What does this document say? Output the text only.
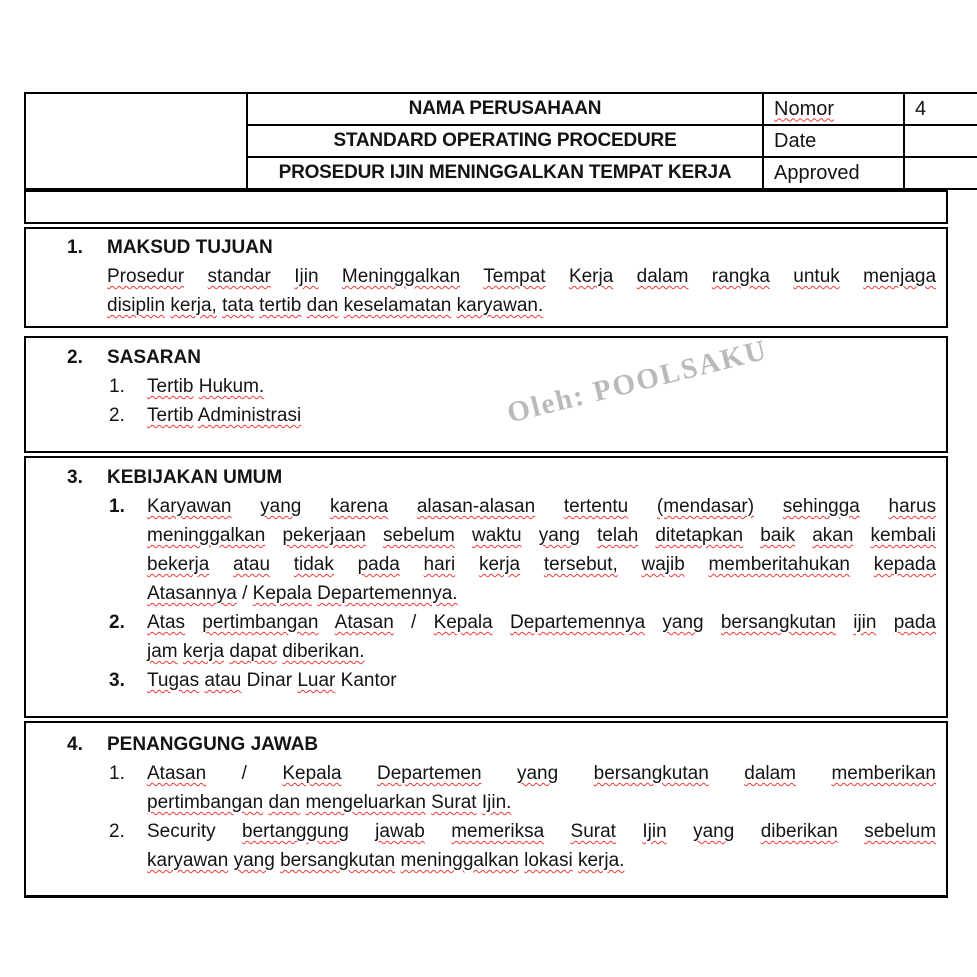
	NAMA PERUSAHAAN	Nomor	4
	STANDARD OPERATING PROCEDURE	Date	
	PROSEDUR IJIN MENINGGALKAN TEMPAT KERJA	Approved	
1.	MAKSUD TUJUAN
Prosedur standar Ijin Meninggalkan Tempat Kerja dalam rangka untuk menjaga
disiplin kerja, tata tertib dan keselamatan karyawan.
2.	SASARAN
1.	Tertib Hukum.
2.	Tertib Administrasi	Oleh: POOLSAKU
3.	KEBIJAKAN UMUM
1.	Karyawan yang karena alasan-alasan tertentu (mendasar) sehingga harus
meninggalkan pekerjaan sebelum waktu yang telah ditetapkan baik akan kembali
bekerja atau tidak pada hari kerja tersebut, wajib memberitahukan kepada
Atasannya / Kepala Departemennya.
2.	Atas pertimbangan Atasan / Kepala Departemennya yang bersangkutan ijin pada
jam kerja dapat diberikan.
3.	Tugas atau Dinar Luar Kantor
4.	PENANGGUNG JAWAB
1.	Atasan / Kepala Departemen yang bersangkutan dalam memberikan
pertimbangan dan mengeluarkan Surat Ijin.
2.	Security bertanggung jawab memeriksa Surat Ijin yang diberikan sebelum
karyawan yang bersangkutan meninggalkan lokasi kerja.
